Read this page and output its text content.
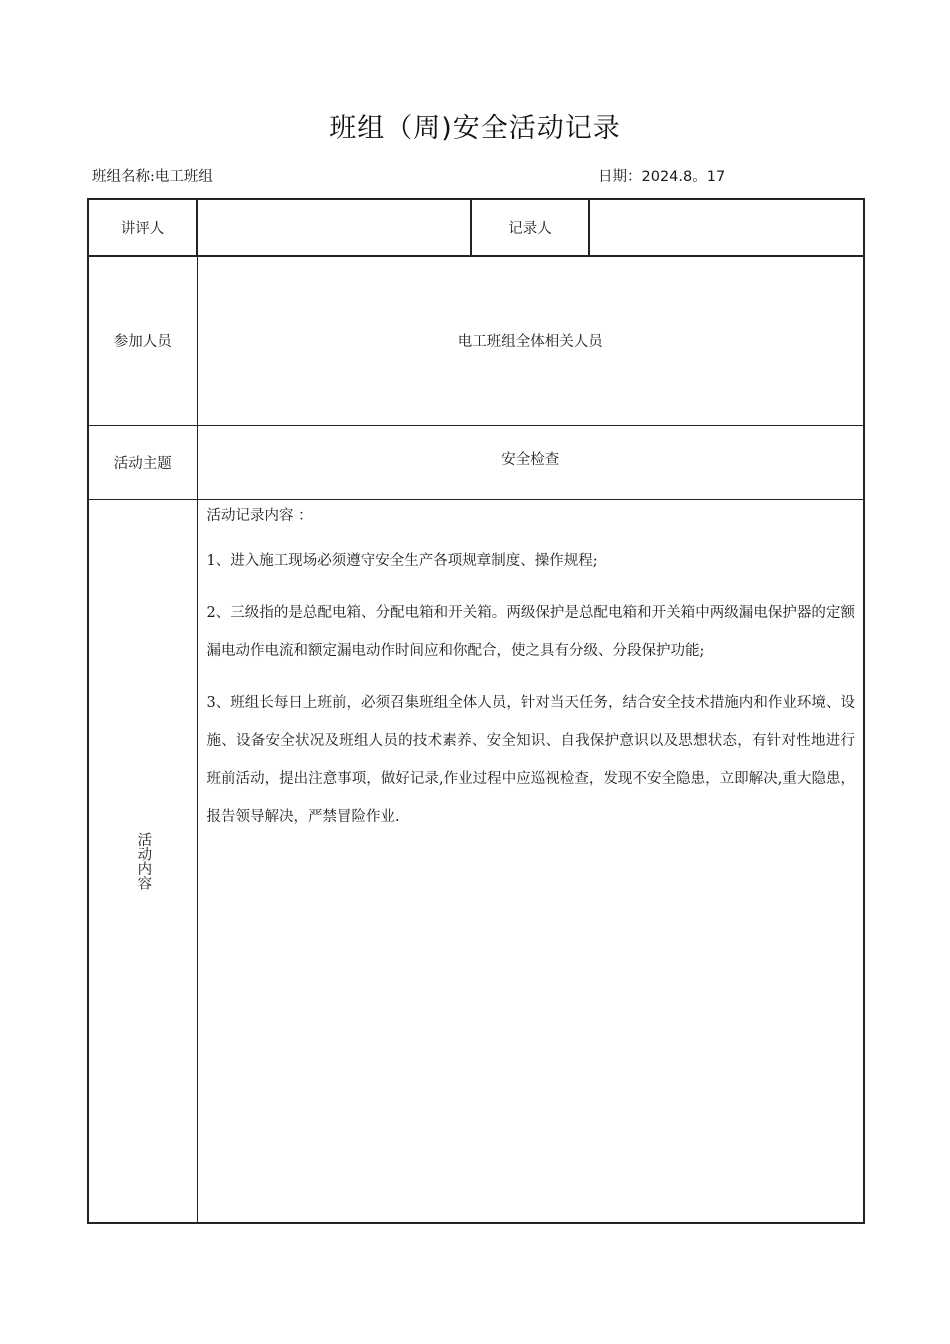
班组（周)安全活动记录
班组名称:电工班组	日期：2024.8。17
讲评人		记录人	
参加人员	电工班组全体相关人员		
活动主题	安全检查		

活动内容	活动记录内容 ：

1、进入施工现场必须遵守安全生产各项规章制度、操作规程;

2、三级指的是总配电箱、分配电箱和开关箱。两级保护是总配电箱和开关箱中两级漏电保护器的定额漏电动作电流和额定漏电动作时间应和你配合，使之具有分级、分段保护功能;

3、班组长每日上班前，必须召集班组全体人员，针对当天任务，结合安全技术措施内和作业环境、设施、设备安全状况及班组人员的技术素养、安全知识、自我保护意识以及思想状态，有针对性地进行班前活动，提出注意事项，做好记录,作业过程中应巡视检查，发现不安全隐患，立即解决,重大隐患，报告领导解决，严禁冒险作业.		
